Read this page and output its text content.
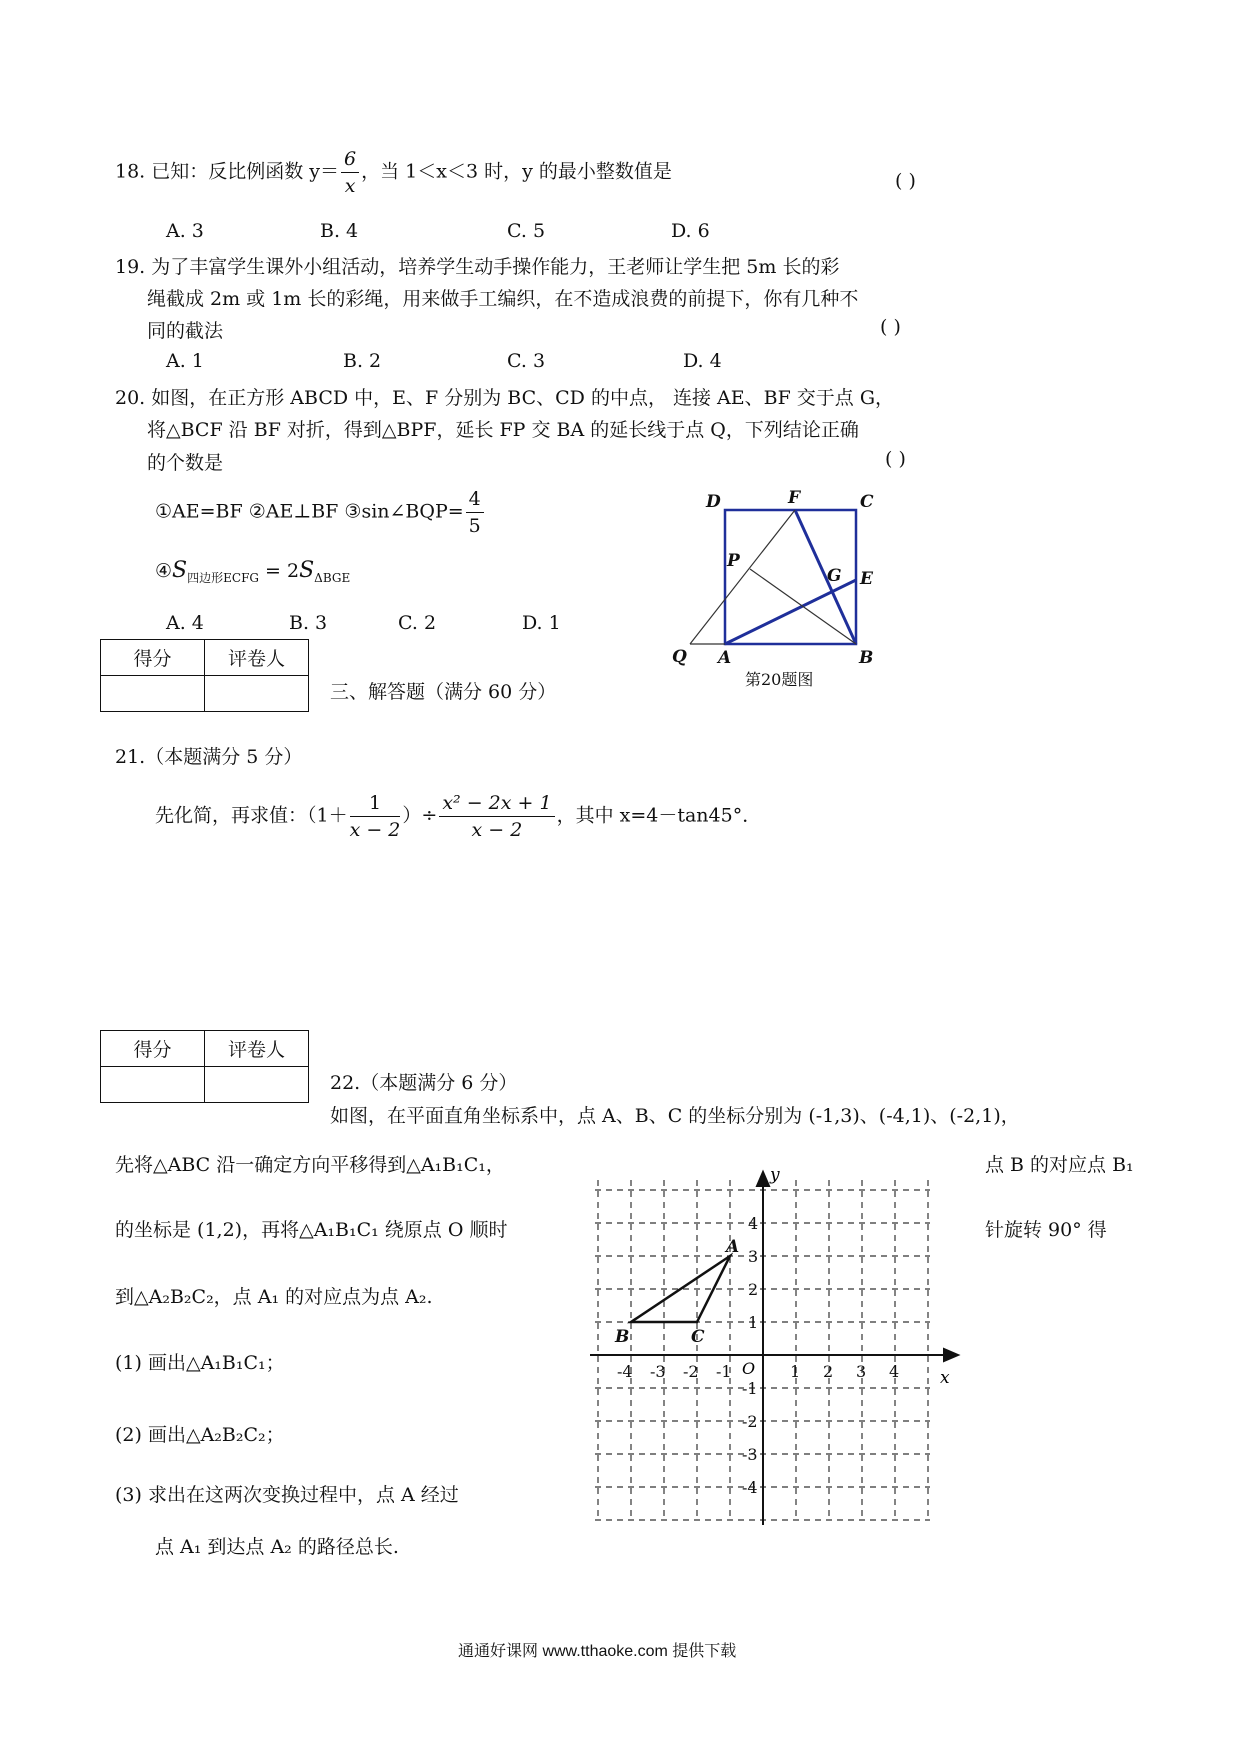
18. 已知：反比例函数 $y= \frac{6}{x}$ ，当 1＜x＜3 时，y 的最小整数值是	( )
A. 3	B. 4	C. 5	D. 6
19. 为了丰富学生课外小组活动，培养学生动手操作能力，王老师让学生把 5m 长的彩
绳截成 2m 或 1m 长的彩绳，用来做手工编织，在不造成浪费的前提下，你有几种不
同的截法	( )
A. 1	B. 2	C. 3	D. 4
20. 如图，在正方形 ABCD 中，E、F 分别为 BC、CD 的中点， 连接 AE、BF 交于点 G，
将△BCF 沿 BF 对折，得到△BPF，延长 FP 交 BA 的延长线于点 Q，下列结论正确
的个数是	( )
①AE=BF ②AE⊥BF ③sin∠BQP= $\frac{4}{5}$
$④S_{四边形ECFG} = 2S_{\Delta BGE}$
A. 4	B. 3	C. 2	D. 1
D	F	C
P
G E
Q A	B
第20题图
得分	评卷人

三、解答题（满分 60 分）
21.（本题满分 5 分）
先化简，再求值：（$1+ \frac{1}{x - 2}$ ）÷ $\frac{\text{x² − 2x + 1}}{x - 2}$ ，其中 x=4－tan45°．
得分	评卷人

22.（本题满分 6 分）
如图，在平面直角坐标系中，点 A、B、C 的坐标分别为 (-1,3)、(-4,1)、(-2,1)，
先将△ABC 沿一确定方向平移得到△A₁B₁C₁，	点 B 的对应点 B₁
的坐标是 (1,2)，再将△A₁B₁C₁ 绕原点 O 顺时	针旋转 90° 得
到△A₂B₂C₂，点 A₁ 的对应点为点 A₂.
(1) 画出△A₁B₁C₁；
(2) 画出△A₂B₂C₂；
(3) 求出在这两次变换过程中，点 A 经过
点 A₁ 到达点 A₂ 的路径总长.
-4 -3 -2 -1	1 2 3 4
4
3
2
1
-1
-2
-3
-4
x
y
O
A
B	C
通通好课网 www.tthaoke.com 提供下载
